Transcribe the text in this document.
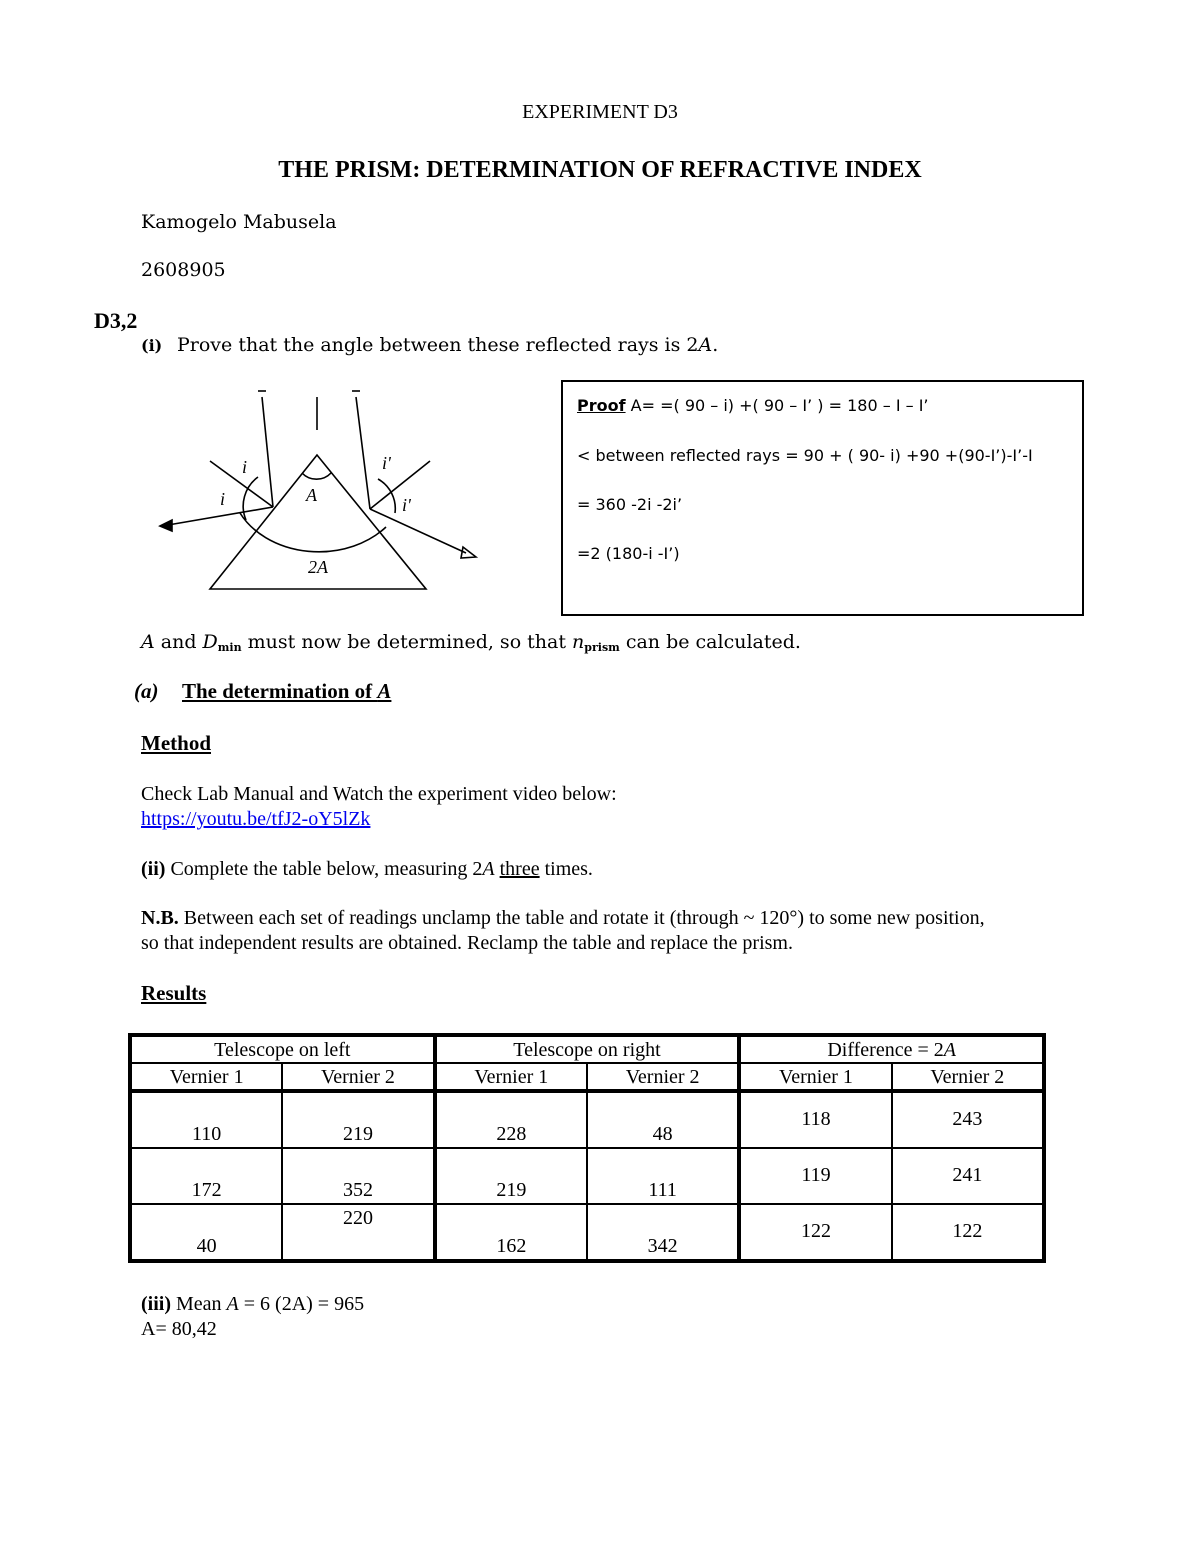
EXPERIMENT D3
THE PRISM: DETERMINATION OF REFRACTIVE INDEX
Kamogelo Mabusela
2608905
D3,2
(i) Prove that the angle between these reflected rays is 2A.
i
i
i'
i'
A
2A
Proof A= =( 90 – i) +( 90 – I’ ) = 180 – I – I’
< between reflected rays = 90 + ( 90- i) +90 +(90-I’)-I’-I
= 360 -2i -2i’
=2 (180-i -I’)
A and $D_{min}$ must now be determined, so that $n_{prism}$ can be calculated.
(a) The determination of A
Method
Check Lab Manual and Watch the experiment video below:
https://youtu.be/tfJ2-oY5lZk
(ii) Complete the table below, measuring 2A three times.
N.B. Between each set of readings unclamp the table and rotate it (through ~ 120°) to some new position,
so that independent results are obtained. Reclamp the table and replace the prism.
Results
Telescope on left		Telescope on right		Difference = 2A	
Vernier 1	Vernier 2	Vernier 1	Vernier 2	Vernier 1	Vernier 2
110	219	228	48	118	243
172	352	219	111	119	241
40	220	162	342	122	122
(iii) Mean A = 6 (2A) = 965
A= 80,42
